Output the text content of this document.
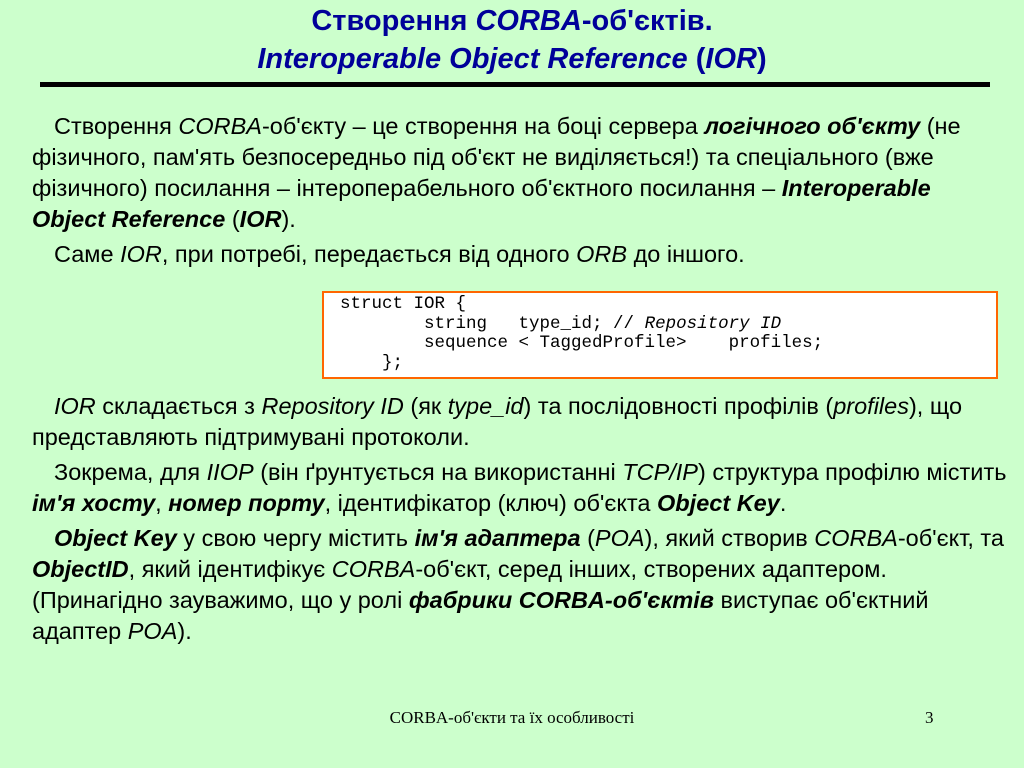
Створення CORBA-об'єктів.
Interoperable Object Reference (IOR)

Створення CORBA-об'єкту – це створення на боці сервера логічного об'єкту (не фізичного, пам'ять безпосередньо під об'єкт не виділяється!) та спеціального (вже фізичного) посилання – інтероперабельного об'єктного посилання – Interoperable Object Reference (IOR).

Саме IOR, при потребі, передається від одного ORB до іншого.

struct IOR {
string   type_id; // Repository ID
sequence < TaggedProfile>    profiles;
};

IOR складається з Repository ID (як type_id) та послідовності профілів (profiles), що представляють підтримувані протоколи.

Зокрема, для IIOP (він ґрунтується на використанні TCP/IP) структура профілю містить ім'я хосту, номер порту, ідентифікатор (ключ) об'єкта Object Key.

Object Key у свою чергу містить ім'я адаптера (POA), який створив CORBA-об'єкт, та ObjectID, який ідентифікує CORBA-об'єкт, серед інших, створених адаптером. (Принагідно зауважимо, що у ролі фабрики CORBA-об'єктів виступає об'єктний адаптер POA).

CORBA-об'єкти та їх особливості	3
